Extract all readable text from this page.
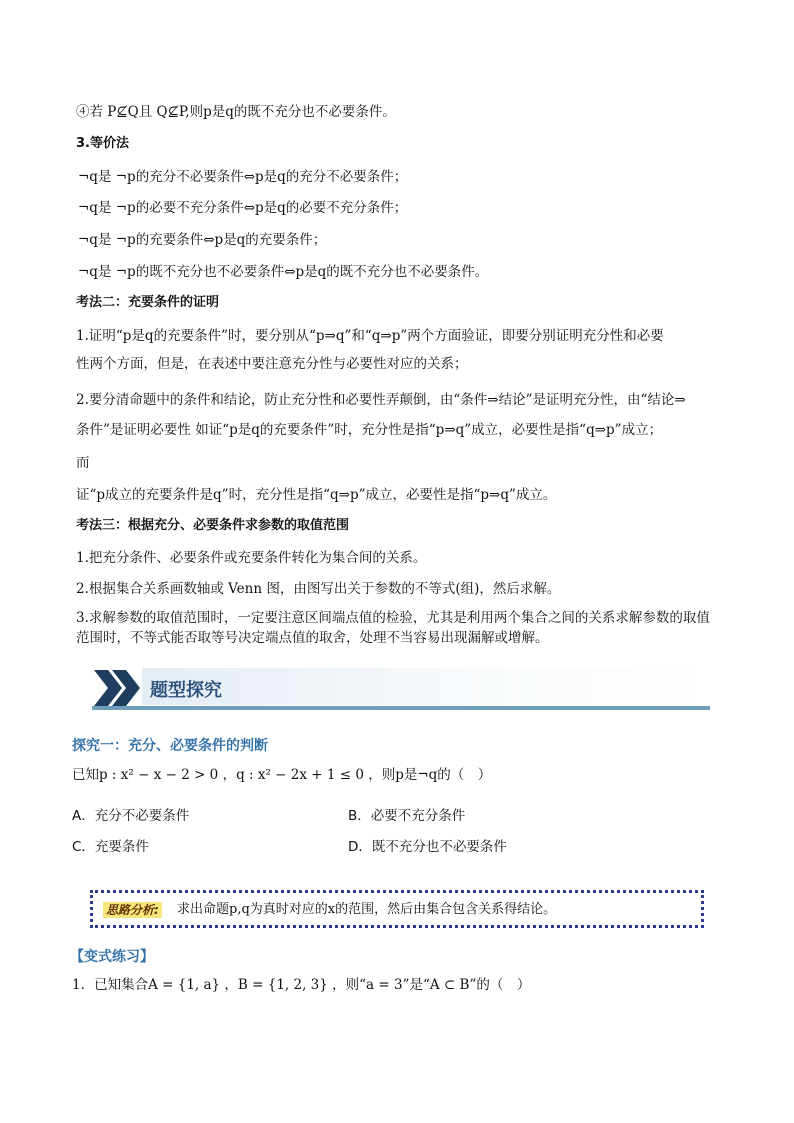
④若 P⊈Q且 Q⊈P,则p是q的既不充分也不必要条件。
3.等价法
¬q是 ¬p的充分不必要条件⇔p是q的充分不必要条件；
¬q是 ¬p的必要不充分条件⇔p是q的必要不充分条件；
¬q是 ¬p的充要条件⇔p是q的充要条件；
¬q是 ¬p的既不充分也不必要条件⇔p是q的既不充分也不必要条件。
考法二：充要条件的证明
1.证明“p是q的充要条件”时，要分别从“p⇒q”和“q⇒p”两个方面验证，即要分别证明充分性和必要
性两个方面，但是，在表述中要注意充分性与必要性对应的关系；
2.要分清命题中的条件和结论，防止充分性和必要性弄颠倒，由“条件⇒结论”是证明充分性，由“结论⇒
条件”是证明必要性 如证“p是q的充要条件”时，充分性是指“p⇒q”成立，必要性是指“q⇒p”成立；
而
证“p成立的充要条件是q”时，充分性是指“q⇒p”成立，必要性是指“p⇒q”成立。
考法三：根据充分、必要条件求参数的取值范围
1.把充分条件、必要条件或充要条件转化为集合间的关系。
2.根据集合关系画数轴或 Venn 图，由图写出关于参数的不等式(组)，然后求解。
3.求解参数的取值范围时，一定要注意区间端点值的检验，尤其是利用两个集合之间的关系求解参数的取值
范围时，不等式能否取等号决定端点值的取舍，处理不当容易出现漏解或增解。
题型探究
探究一：充分、必要条件的判断
已知p : x² − x − 2 > 0 ，q : x² − 2x + 1 ≤ 0 ，则p是¬q的（　）
A．充分不必要条件	B．必要不充分条件
C．充要条件	D．既不充分也不必要条件
思路分析: 求出命题p,q为真时对应的x的范围，然后由集合包含关系得结论。
【变式练习】
1．已知集合A = {1, a} ，B = {1, 2, 3} ，则“a = 3”是“A ⊂ B”的（　）
